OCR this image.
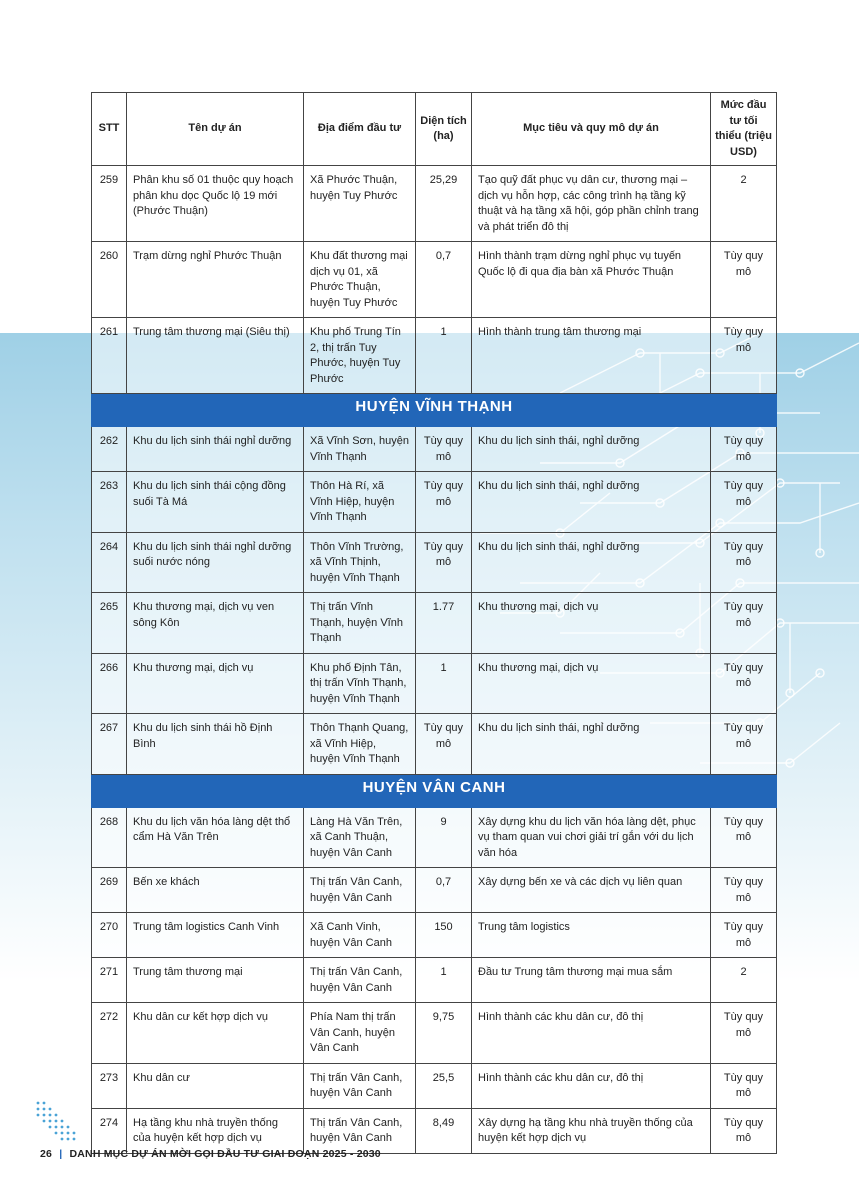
STT	Tên dự án	Địa điểm đầu tư	Diện tích (ha)	Mục tiêu và quy mô dự án	Mức đầu tư tối thiểu (triệu USD)
259	Phân khu số 01 thuộc quy hoạch phân khu dọc Quốc lộ 19 mới (Phước Thuận)	Xã Phước Thuận, huyện Tuy Phước	25,29	Tạo quỹ đất phục vụ dân cư, thương mại – dịch vụ hỗn hợp, các công trình hạ tầng kỹ thuật và hạ tầng xã hội, góp phần chỉnh trang và phát triển đô thị	2
260	Trạm dừng nghỉ Phước Thuận	Khu đất thương mại dịch vụ 01, xã Phước Thuận, huyện Tuy Phước	0,7	Hình thành trạm dừng nghỉ phục vụ tuyến Quốc lộ đi qua địa bàn xã Phước Thuận	Tùy quy mô
261	Trung tâm thương mại (Siêu thị)	Khu phố Trung Tín 2, thị trấn Tuy Phước, huyện Tuy Phước	1	Hình thành trung tâm thương mại	Tùy quy mô
HUYỆN VĨNH THẠNH					
262	Khu du lịch sinh thái nghỉ dưỡng	Xã Vĩnh Sơn, huyện Vĩnh Thạnh	Tùy quy mô	Khu du lịch sinh thái, nghỉ dưỡng	Tùy quy mô
263	Khu du lịch sinh thái cộng đồng suối Tà Má	Thôn Hà Rí, xã Vĩnh Hiệp, huyện Vĩnh Thạnh	Tùy quy mô	Khu du lịch sinh thái, nghỉ dưỡng	Tùy quy mô
264	Khu du lịch sinh thái nghỉ dưỡng suối nước nóng	Thôn Vĩnh Trường, xã Vĩnh Thịnh, huyện Vĩnh Thạnh	Tùy quy mô	Khu du lịch sinh thái, nghỉ dưỡng	Tùy quy mô
265	Khu thương mại, dịch vụ ven sông Kôn	Thị trấn Vĩnh Thạnh, huyện Vĩnh Thạnh	1.77	Khu thương mại, dịch vụ	Tùy quy mô
266	Khu thương mại, dịch vụ	Khu phố Định Tân, thị trấn Vĩnh Thạnh, huyện Vĩnh Thạnh	1	Khu thương mại, dịch vụ	Tùy quy mô
267	Khu du lịch sinh thái hồ Định Bình	Thôn Thạnh Quang, xã Vĩnh Hiệp, huyện Vĩnh Thạnh	Tùy quy mô	Khu du lịch sinh thái, nghỉ dưỡng	Tùy quy mô
HUYỆN VÂN CANH					
268	Khu du lịch văn hóa làng dệt thổ cẩm Hà Văn Trên	Làng Hà Văn Trên, xã Canh Thuận, huyện Vân Canh	9	Xây dựng khu du lịch văn hóa làng dệt, phục vụ tham quan vui chơi giải trí gắn với du lịch văn hóa	Tùy quy mô
269	Bến xe khách	Thị trấn Vân Canh, huyện Vân Canh	0,7	Xây dựng bến xe và các dịch vụ liên quan	Tùy quy mô
270	Trung tâm logistics Canh Vinh	Xã Canh Vinh, huyện Vân Canh	150	Trung tâm logistics	Tùy quy mô
271	Trung tâm thương mại	Thị trấn Vân Canh, huyện Vân Canh	1	Đầu tư Trung tâm thương mại mua sắm	2
272	Khu dân cư kết hợp dịch vụ	Phía Nam thị trấn Vân Canh, huyện Vân Canh	9,75	Hình thành các khu dân cư, đô thị	Tùy quy mô
273	Khu dân cư	Thị trấn Vân Canh, huyện Vân Canh	25,5	Hình thành các khu dân cư, đô thị	Tùy quy mô
274	Hạ tầng khu nhà truyền thống của huyện kết hợp dịch vụ	Thị trấn Vân Canh, huyện Vân Canh	8,49	Xây dựng hạ tầng khu nhà truyền thống của huyện kết hợp dịch vụ	Tùy quy mô
26 | DANH MỤC DỰ ÁN MỜI GỌI ĐẦU TƯ GIAI ĐOẠN 2025 - 2030
